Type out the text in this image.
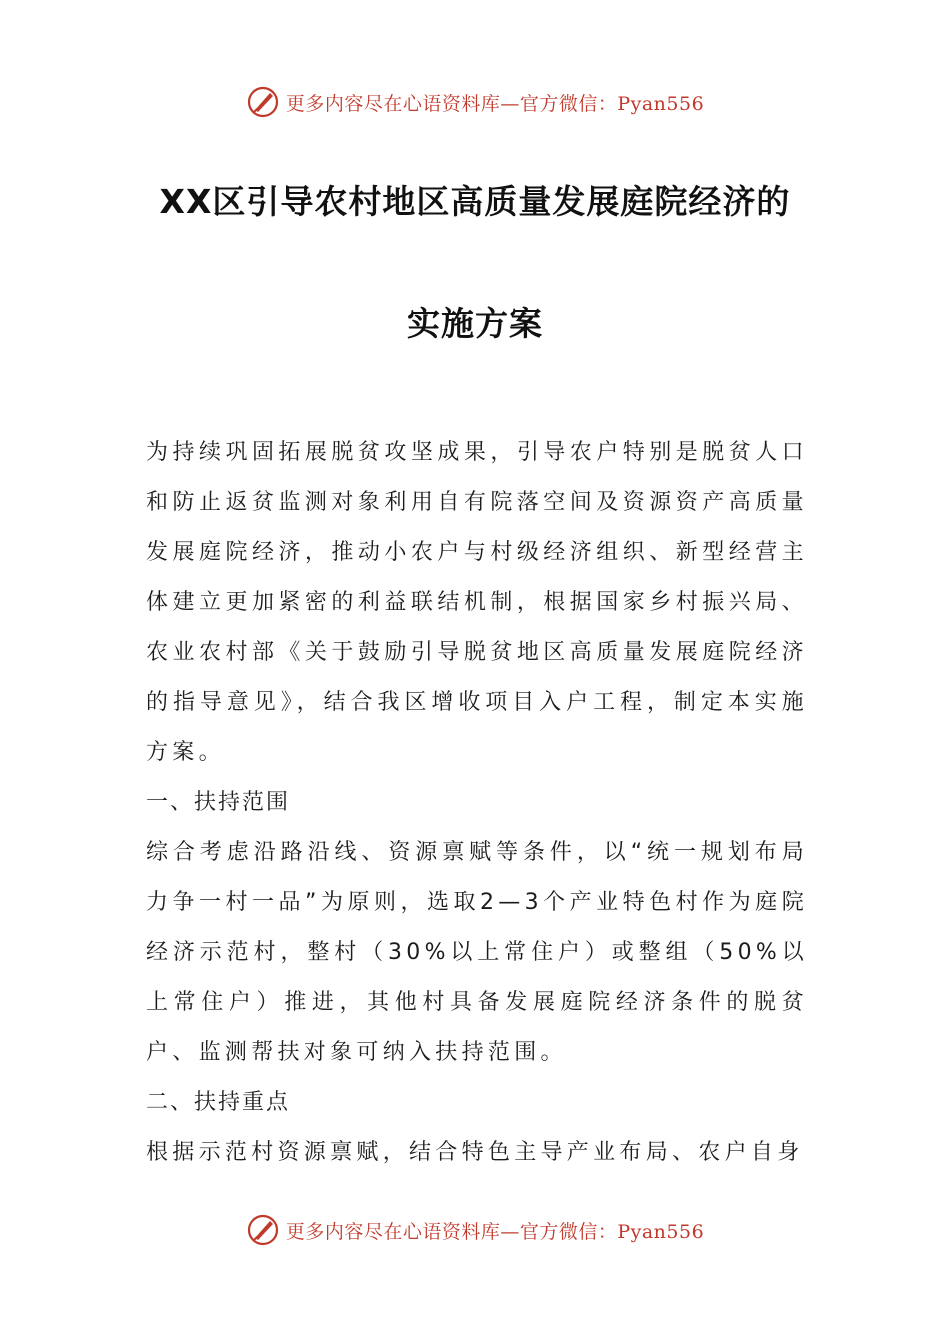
更多内容尽在心语资料库—官方微信：Pyan556
XX区引导农村地区高质量发展庭院经济的
实施方案

为持续巩固拓展脱贫攻坚成果，引导农户特别是脱贫人口和防止返贫监测对象利用自有院落空间及资源资产高质量发展庭院经济，推动小农户与村级经济组织、新型经营主体建立更加紧密的利益联结机制，根据国家乡村振兴局、农业农村部《关于鼓励引导脱贫地区高质量发展庭院经济的指导意见》，结合我区增收项目入户工程，制定本实施方案。

一、扶持范围

综合考虑沿路沿线、资源禀赋等条件，以“统一规划布局力争一村一品”为原则，选取2—3个产业特色村作为庭院经济示范村，整村（30%以上常住户）或整组（50%以上常住户）推进，其他村具备发展庭院经济条件的脱贫户、监测帮扶对象可纳入扶持范围。

二、扶持重点

根据示范村资源禀赋，结合特色主导产业布局、农户自身

更多内容尽在心语资料库—官方微信：Pyan556
